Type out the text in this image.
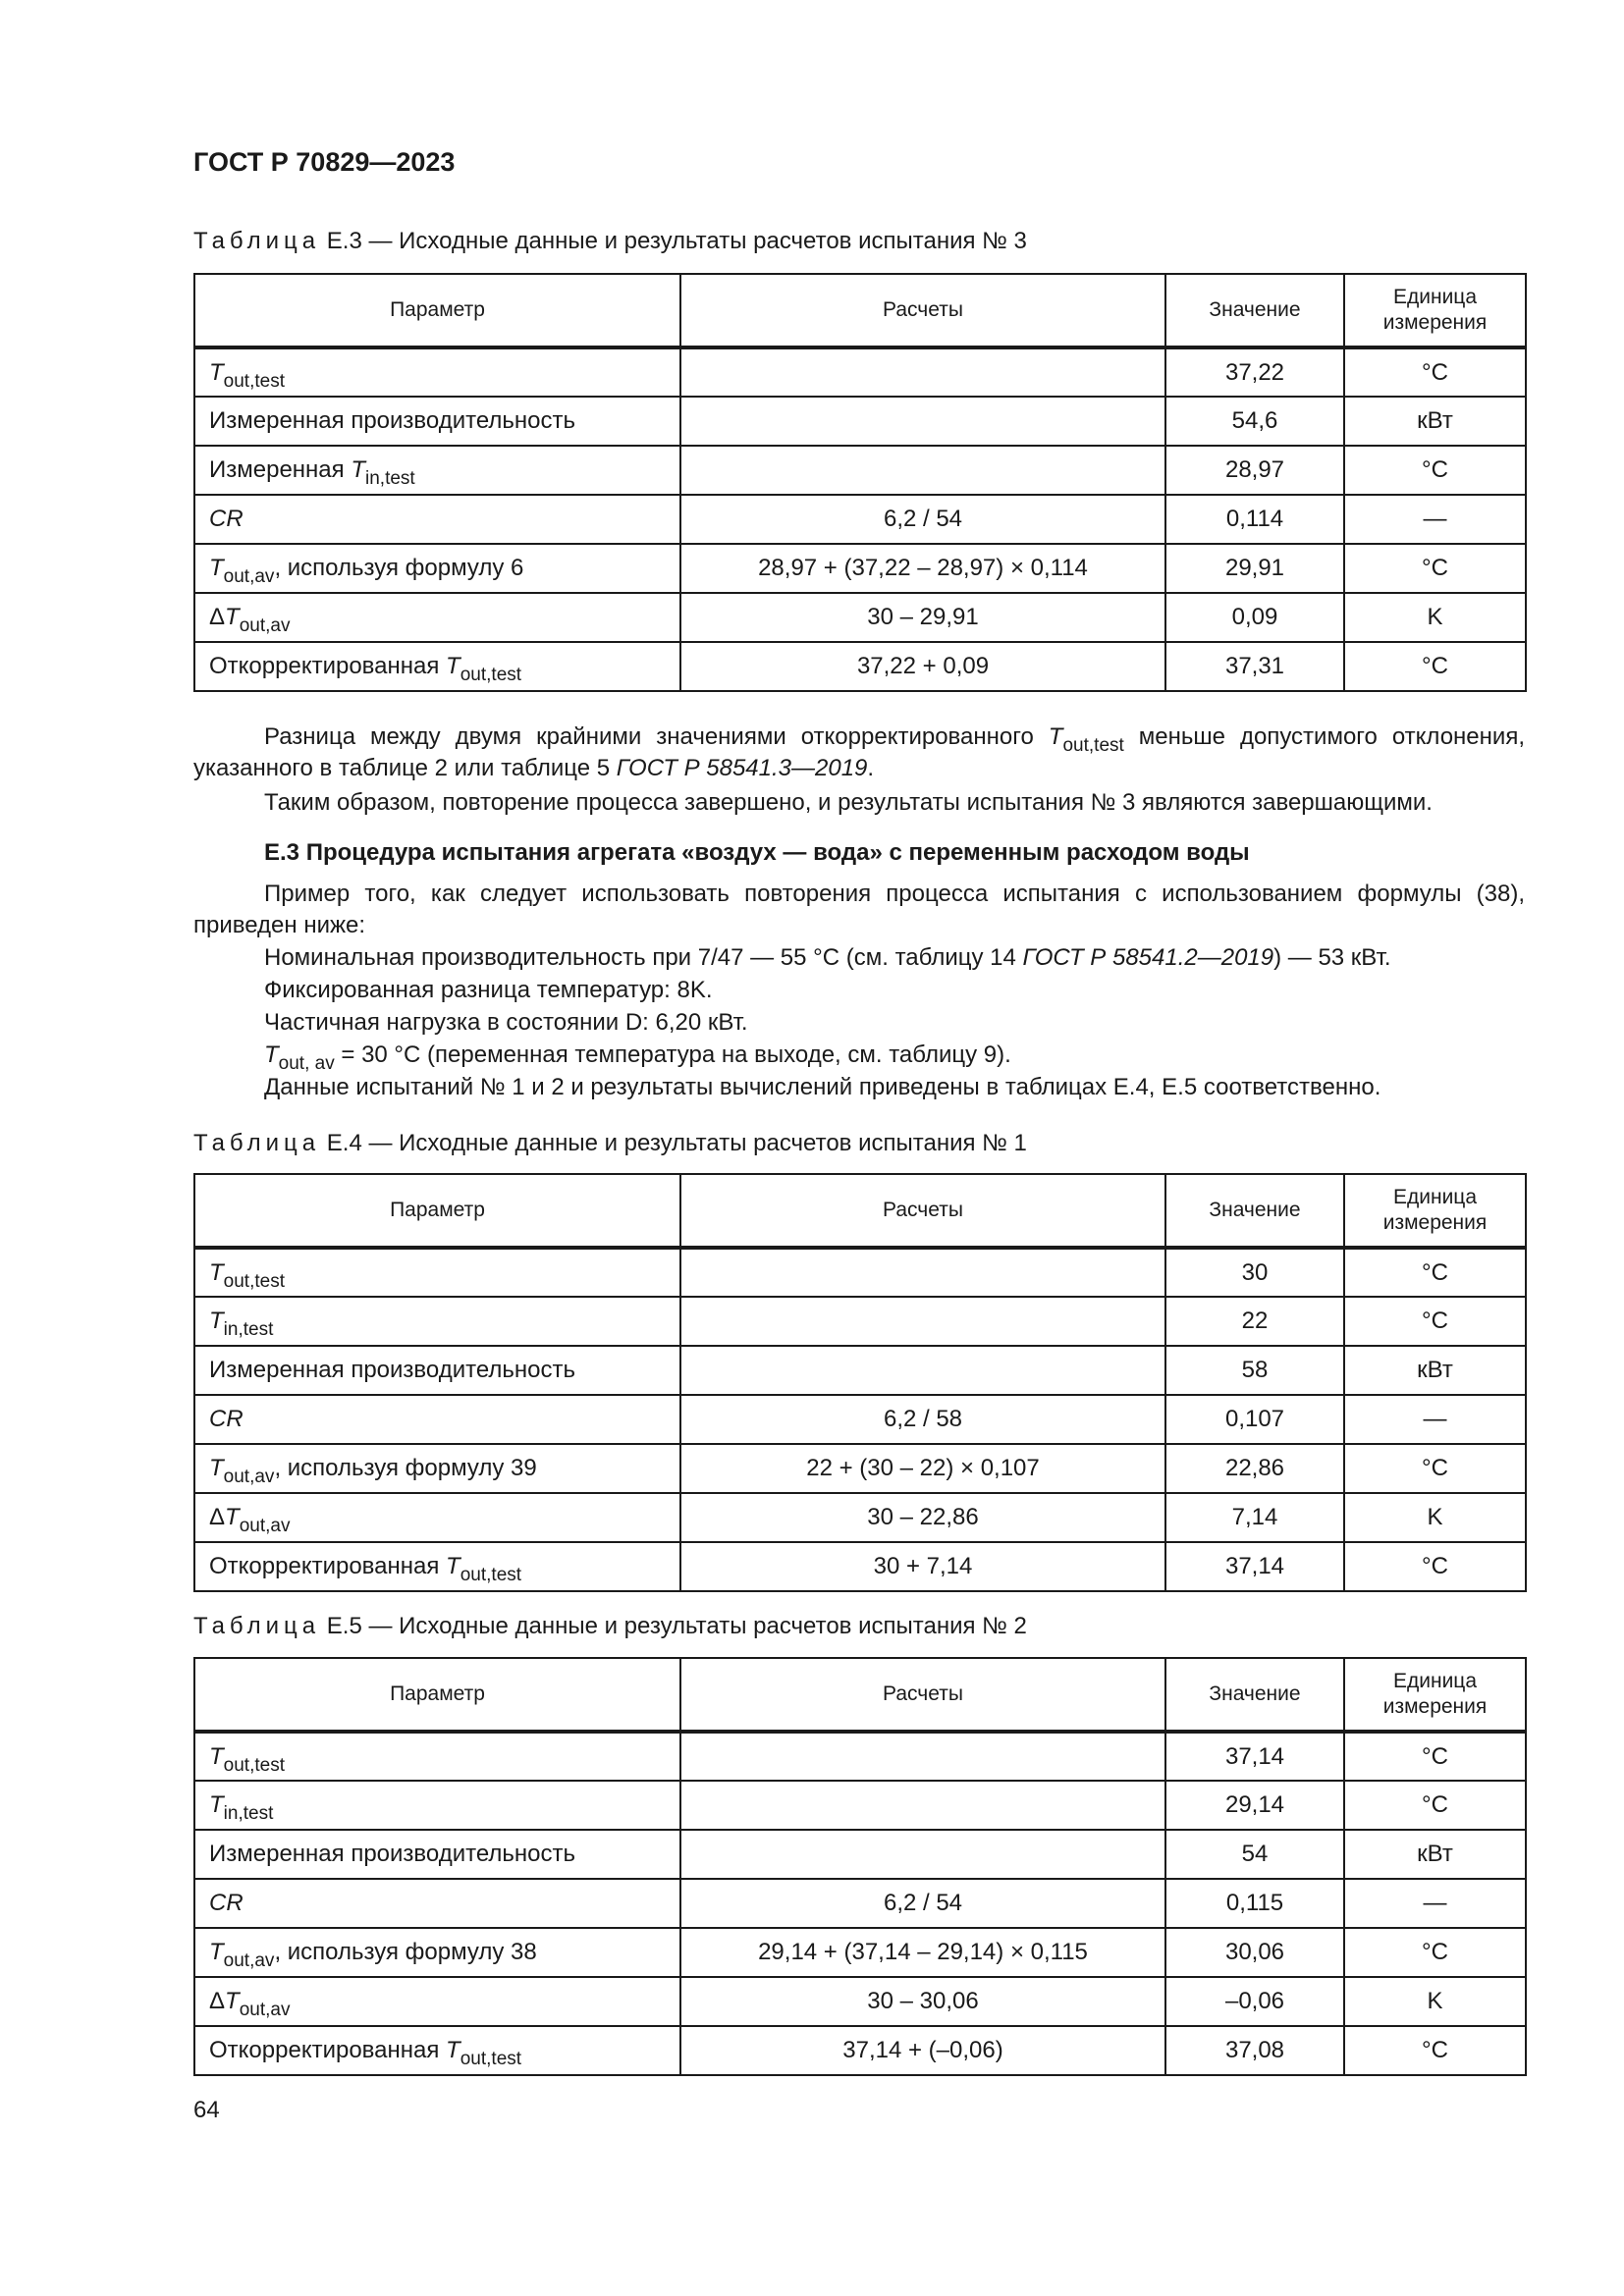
ГОСТ Р 70829—2023
Таблица Е.3 — Исходные данные и результаты расчетов испытания № 3
Параметр	Расчеты	Значение	Единица
измерения
$T_{out,test}$		37,22	°C
Измеренная производительность		54,6	кВт
Измеренная $T_{in,test}$		28,97	°C
CR	6,2 / 54	0,114	—
$T_{out,av}$, используя формулу 6	28,97 + (37,22 – 28,97) × 0,114	29,91	°C
$\Delta T_{out,av}$	30 – 29,91	0,09	K
Откорректированная $T_{out,test}$	37,22 + 0,09	37,31	°C
Разница между двумя крайними значениями откорректированного $T_{out,test}$ меньше допустимого отклонения, указанного в таблице 2 или таблице 5 ГОСТ Р 58541.3—2019.
Таким образом, повторение процесса завершено, и результаты испытания № 3 являются завершающими.
Е.3 Процедура испытания агрегата «воздух — вода» с переменным расходом воды
Пример того, как следует использовать повторения процесса испытания с использованием формулы (38), приведен ниже:
Номинальная производительность при 7/47 — 55 °C (см. таблицу 14 ГОСТ Р 58541.2—2019) — 53 кВт.
Фиксированная разница температур: 8K.
Частичная нагрузка в состоянии D: 6,20 кВт.
$T_{out, av} = 30$ °C (переменная температура на выходе, см. таблицу 9).
Данные испытаний № 1 и 2 и результаты вычислений приведены в таблицах Е.4, Е.5 соответственно.
Таблица Е.4 — Исходные данные и результаты расчетов испытания № 1
Параметр	Расчеты	Значение	Единица
измерения
$T_{out,test}$		30	°C
$T_{in,test}$		22	°C
Измеренная производительность		58	кВт
CR	6,2 / 58	0,107	—
$T_{out,av}$, используя формулу 39	22 + (30 – 22) × 0,107	22,86	°C
$\Delta T_{out,av}$	30 – 22,86	7,14	K
Откорректированная $T_{out,test}$	30 + 7,14	37,14	°C
Таблица Е.5 — Исходные данные и результаты расчетов испытания № 2
Параметр	Расчеты	Значение	Единица
измерения
$T_{out,test}$		37,14	°C
$T_{in,test}$		29,14	°C
Измеренная производительность		54	кВт
CR	6,2 / 54	0,115	—
$T_{out,av}$, используя формулу 38	29,14 + (37,14 – 29,14) × 0,115	30,06	°C
$\Delta T_{out,av}$	30 – 30,06	–0,06	K
Откорректированная $T_{out,test}$	37,14 + (–0,06)	37,08	°C
64
